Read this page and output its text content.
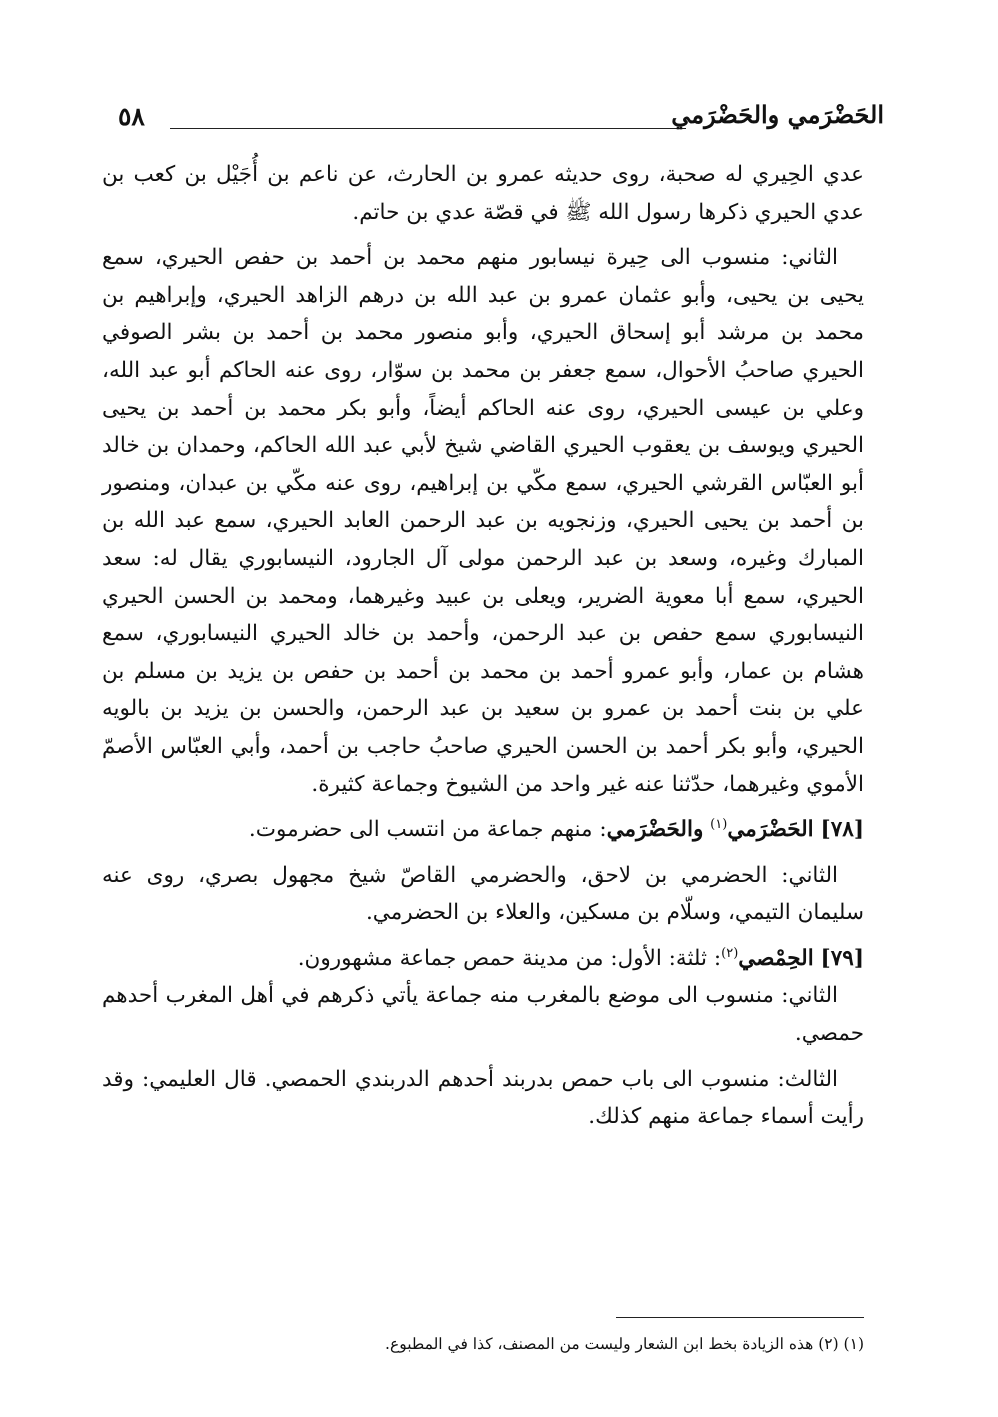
٥٨	الحَضْرَمي والحَضْرَمي

عدي الحِيري له صحبة، روى حديثه عمرو بن الحارث، عن ناعم بن أُجَيْل بن كعب بن عدي الحيري ذكرها رسول الله ﷺ في قصّة عدي بن حاتم.

الثاني: منسوب الى حِيرة نيسابور منهم محمد بن أحمد بن حفص الحيري، سمع يحيى بن يحيى، وأبو عثمان عمرو بن عبد الله بن درهم الزاهد الحيري، وإبراهيم بن محمد بن مرشد أبو إسحاق الحيري، وأبو منصور محمد بن أحمد بن بشر الصوفي الحيري صاحبُ الأحوال، سمع جعفر بن محمد بن سوّار، روى عنه الحاكم أبو عبد الله، وعلي بن عيسى الحيري، روى عنه الحاكم أيضاً، وأبو بكر محمد بن أحمد بن يحيى الحيري ويوسف بن يعقوب الحيري القاضي شيخ لأبي عبد الله الحاكم، وحمدان بن خالد أبو العبّاس القرشي الحيري، سمع مكّي بن إبراهيم، روى عنه مكّي بن عبدان، ومنصور بن أحمد بن يحيى الحيري، وزنجويه بن عبد الرحمن العابد الحيري، سمع عبد الله بن المبارك وغيره، وسعد بن عبد الرحمن مولى آل الجارود، النيسابوري يقال له: سعد الحيري، سمع أبا معوية الضرير، ويعلى بن عبيد وغيرهما، ومحمد بن الحسن الحيري النيسابوري سمع حفص بن عبد الرحمن، وأحمد بن خالد الحيري النيسابوري، سمع هشام بن عمار، وأبو عمرو أحمد بن محمد بن أحمد بن حفص بن يزيد بن مسلم بن علي بن بنت أحمد بن عمرو بن سعيد بن عبد الرحمن، والحسن بن يزيد بن بالويه الحيري، وأبو بكر أحمد بن الحسن الحيري صاحبُ حاجب بن أحمد، وأبي العبّاس الأصمّ الأموي وغيرهما، حدّثنا عنه غير واحد من الشيوخ وجماعة كثيرة.

[٧٨] الحَضْرَمي$^{(١)}$ والحَضْرَمي: منهم جماعة من انتسب الى حضرموت.

الثاني: الحضرمي بن لاحق، والحضرمي القاصّ شيخ مجهول بصري، روى عنه سليمان التيمي، وسلّام بن مسكين، والعلاء بن الحضرمي.

[٧٩] الحِمْصي$^{(٢)}$: ثلثة: الأول: من مدينة حمص جماعة مشهورون.

الثاني: منسوب الى موضع بالمغرب منه جماعة يأتي ذكرهم في أهل المغرب أحدهم حمصي.

الثالث: منسوب الى باب حمص بدربند أحدهم الدربندي الحمصي. قال العليمي: وقد رأيت أسماء جماعة منهم كذلك.

(١) (٢) هذه الزيادة بخط ابن الشعار وليست من المصنف، كذا في المطبوع.
